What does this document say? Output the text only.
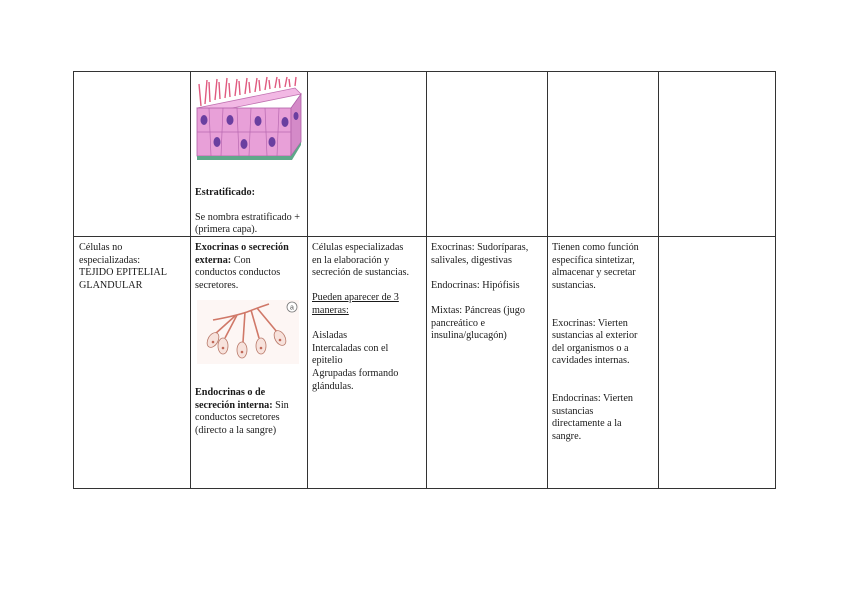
Estratificado:

Se nombra estratificado + (primera capa).

Células no

especializadas:

TEJIDO EPITELIAL

GLANDULAR

Exocrinas o secreción

externa: Con

conductos conductos

secretores.

a

Endocrinas o de

secreción interna: Sin

conductos secretores

(directo a la sangre)

Células especializadas

en la elaboración y

secreción de sustancias.

Pueden aparecer de 3

maneras:

Aisladas

Intercaladas con el

epitelio

Agrupadas formando

glándulas.

Exocrinas: Sudoríparas,

salivales, digestivas

Endocrinas: Hipófisis

Mixtas: Páncreas (jugo

pancreático e

insulina/glucagón)

Tienen como función

específica sintetizar,

almacenar y secretar

sustancias.

Exocrinas: Vierten

sustancias al exterior

del organismos o a

cavidades internas.

Endocrinas: Vierten

sustancias

directamente a la

sangre.
